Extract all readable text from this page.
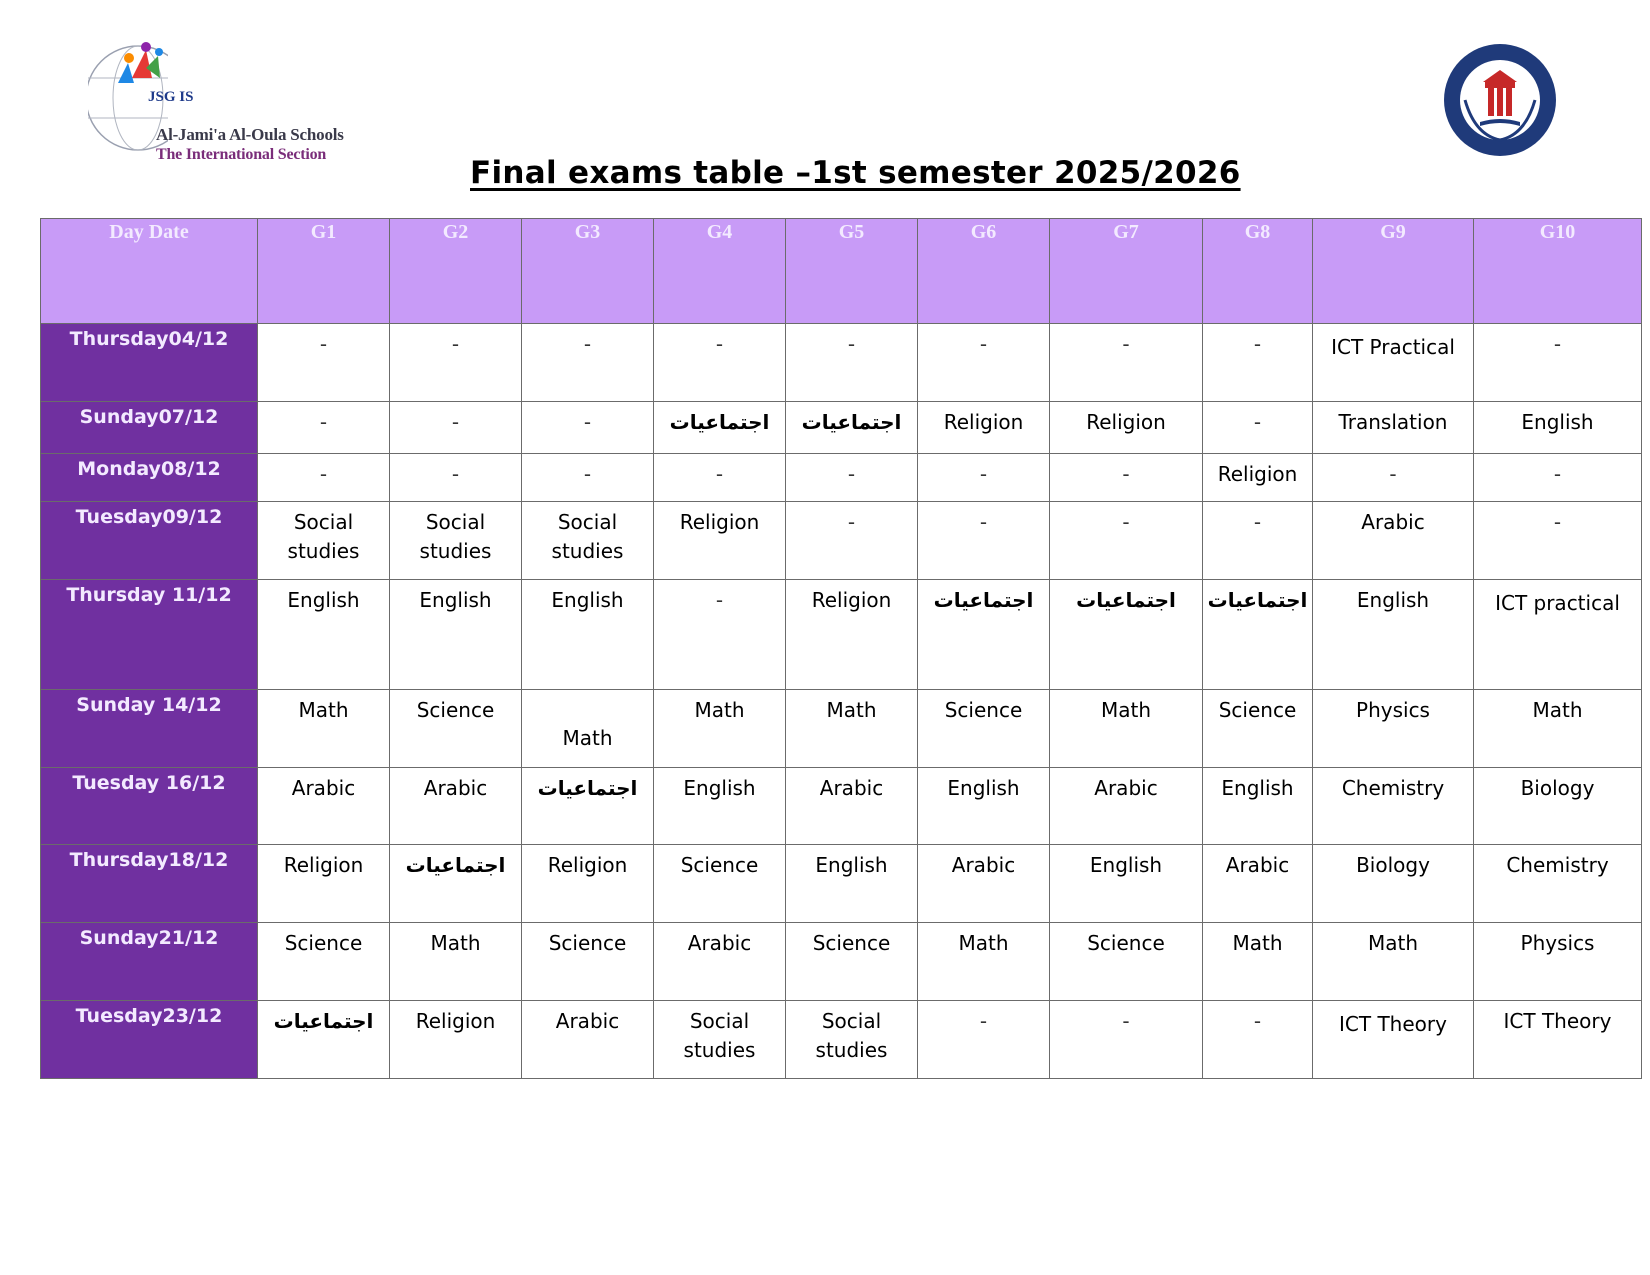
JSG IS
Al-Jami'a Al-Oula Schools
The International Section
Final exams table –1st semester 2025/2026
Day Date	G1	G2	G3	G4	G5	G6	G7	G8	G9	G10
Thursday04/12	-	-	-	-	-	-	-	-	ICT Practical	-
Sunday07/12	-	-	-	اجتماعيات	اجتماعيات	Religion	Religion	-	Translation	English
Monday08/12	-	-	-	-	-	-	-	Religion	-	-
Tuesday09/12	Social studies	Social studies	Social studies	Religion	-	-	-	-	Arabic	-
Thursday 11/12	English	English	English	-	Religion	اجتماعيات	اجتماعيات	اجتماعيات	English	ICT practical
Sunday 14/12	Math	Science	Math	Math	Math	Science	Math	Science	Physics	Math
Tuesday 16/12	Arabic	Arabic	اجتماعيات	English	Arabic	English	Arabic	English	Chemistry	Biology
Thursday18/12	Religion	اجتماعيات	Religion	Science	English	Arabic	English	Arabic	Biology	Chemistry
Sunday21/12	Science	Math	Science	Arabic	Science	Math	Science	Math	Math	Physics
Tuesday23/12	اجتماعيات	Religion	Arabic	Social studies	Social studies	-	-	-	ICT Theory	ICT Theory
